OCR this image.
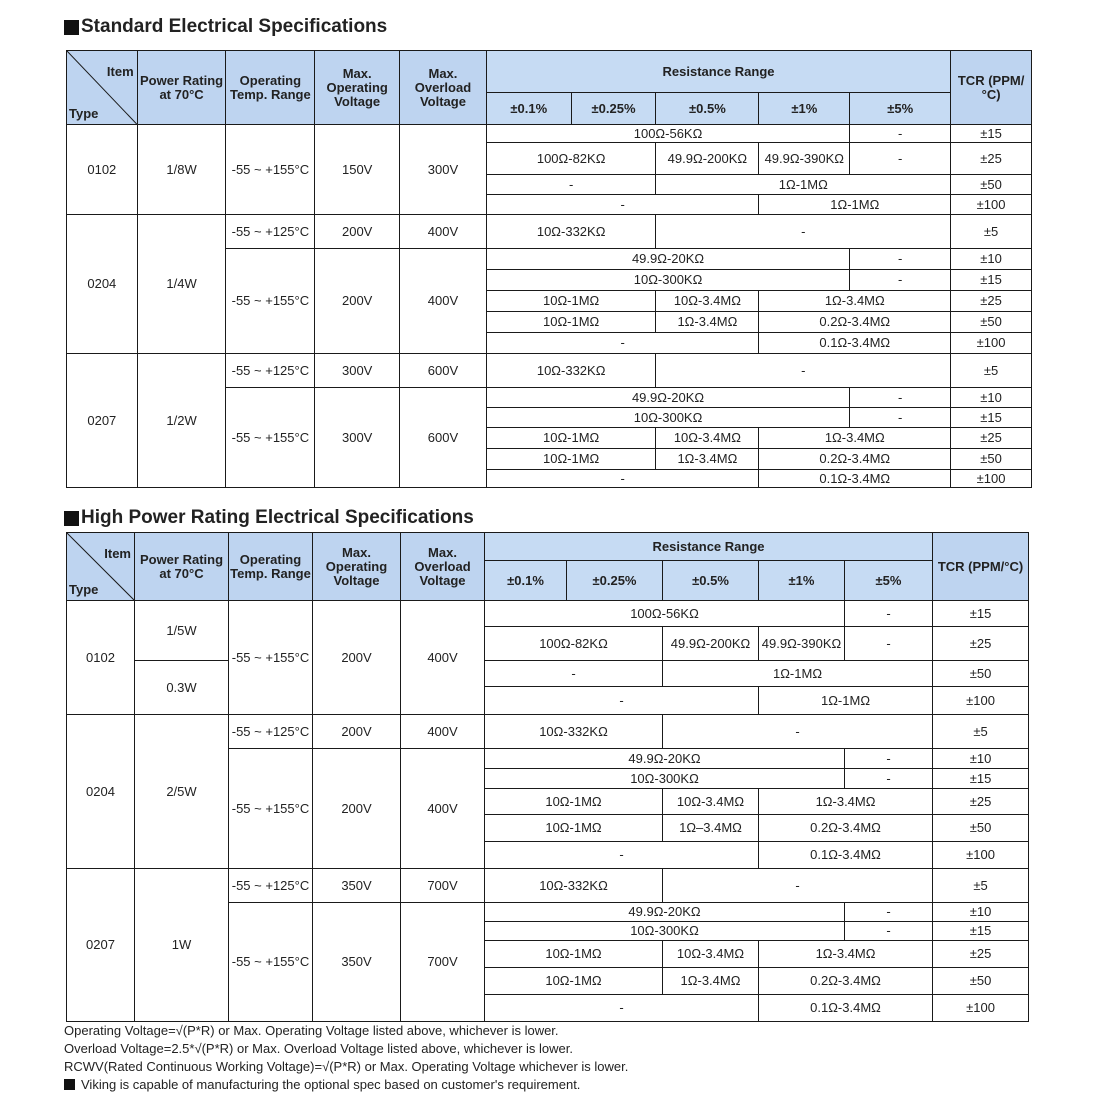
Standard Electrical Specifications
Item
Type	Power Rating at 70°C	Operating Temp. Range	Max. Operating Voltage	Max. Overload Voltage	Resistance Range					TCR (PPM/°C)
					±0.1%	±0.25%	±0.5%	±1%	±5%	
0102	1/8W	-55 ~ +155°C	150V	300V	100Ω-56KΩ				-	±15
					100Ω-82KΩ		49.9Ω-200KΩ	49.9Ω-390KΩ	-	±25
					-		1Ω-1MΩ			±50
					-			1Ω-1MΩ		±100
0204	1/4W	-55 ~ +125°C	200V	400V	10Ω-332KΩ		-			±5
		-55 ~ +155°C	200V	400V	49.9Ω-20KΩ				-	±10
					10Ω-300KΩ				-	±15
					10Ω-1MΩ		10Ω-3.4MΩ	1Ω-3.4MΩ		±25
					10Ω-1MΩ		1Ω-3.4MΩ	0.2Ω-3.4MΩ		±50
					-			0.1Ω-3.4MΩ		±100
0207	1/2W	-55 ~ +125°C	300V	600V	10Ω-332KΩ		-			±5
		-55 ~ +155°C	300V	600V	49.9Ω-20KΩ				-	±10
					10Ω-300KΩ				-	±15
					10Ω-1MΩ		10Ω-3.4MΩ	1Ω-3.4MΩ		±25
					10Ω-1MΩ		1Ω-3.4MΩ	0.2Ω-3.4MΩ		±50
					-			0.1Ω-3.4MΩ		±100
High Power Rating Electrical Specifications
Item
Type	Power Rating at 70°C	Operating Temp. Range	Max. Operating Voltage	Max. Overload Voltage	Resistance Range					TCR (PPM/°C)
					±0.1%	±0.25%	±0.5%	±1%	±5%	
0102	1/5W	-55 ~ +155°C	200V	400V	100Ω-56KΩ				-	±15
					100Ω-82KΩ		49.9Ω-200KΩ	49.9Ω-390KΩ	-	±25
	0.3W				-		1Ω-1MΩ			±50
					-			1Ω-1MΩ		±100
0204	2/5W	-55 ~ +125°C	200V	400V	10Ω-332KΩ		-			±5
		-55 ~ +155°C	200V	400V	49.9Ω-20KΩ				-	±10
					10Ω-300KΩ				-	±15
					10Ω-1MΩ		10Ω-3.4MΩ	1Ω-3.4MΩ		±25
					10Ω-1MΩ		1Ω–3.4MΩ	0.2Ω-3.4MΩ		±50
					-			0.1Ω-3.4MΩ		±100
0207	1W	-55 ~ +125°C	350V	700V	10Ω-332KΩ		-			±5
		-55 ~ +155°C	350V	700V	49.9Ω-20KΩ				-	±10
					10Ω-300KΩ				-	±15
					10Ω-1MΩ		10Ω-3.4MΩ	1Ω-3.4MΩ		±25
					10Ω-1MΩ		1Ω-3.4MΩ	0.2Ω-3.4MΩ		±50
					-			0.1Ω-3.4MΩ		±100
Operating Voltage=√(P*R) or Max. Operating Voltage listed above, whichever is lower.
Overload Voltage=2.5*√(P*R) or Max. Overload Voltage listed above, whichever is lower.
RCWV(Rated Continuous Working Voltage)=√(P*R) or Max. Operating Voltage whichever is lower.
Viking is capable of manufacturing the optional spec based on customer's requirement.
